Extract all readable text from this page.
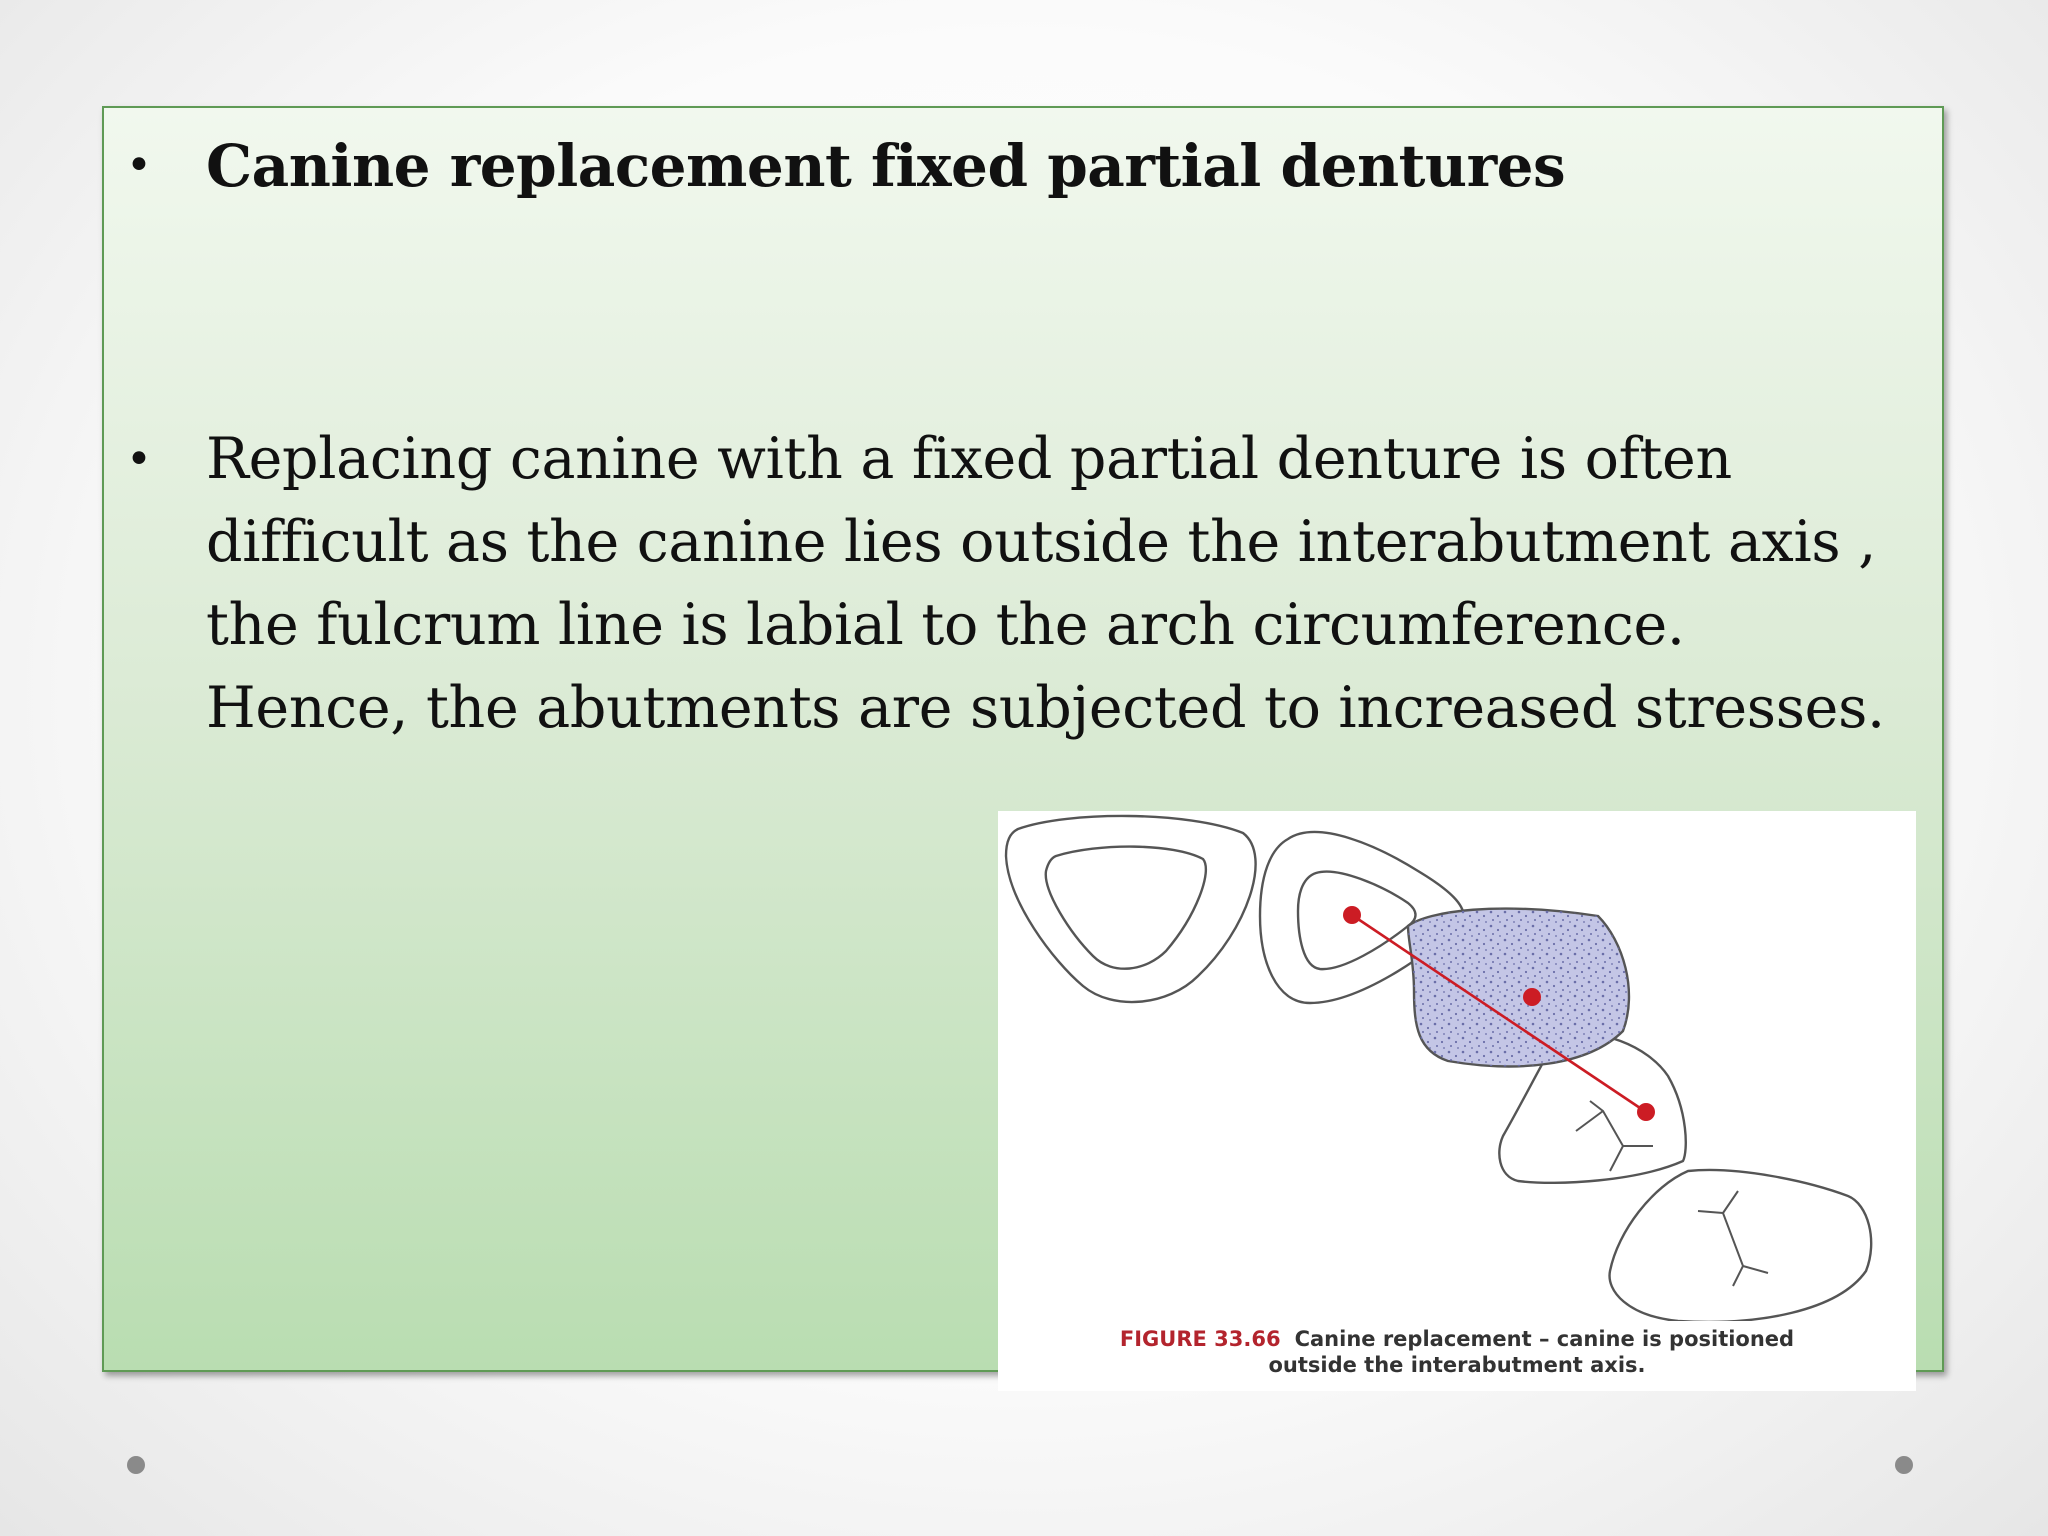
• Canine replacement fixed partial dentures
• Replacing canine with a fixed partial denture is often difficult as the canine lies outside the interabutment axis , the fulcrum line is labial to the arch circumference. Hence, the abutments are subjected to increased stresses.
FIGURE 33.66 Canine replacement – canine is positioned
outside the interabutment axis.
